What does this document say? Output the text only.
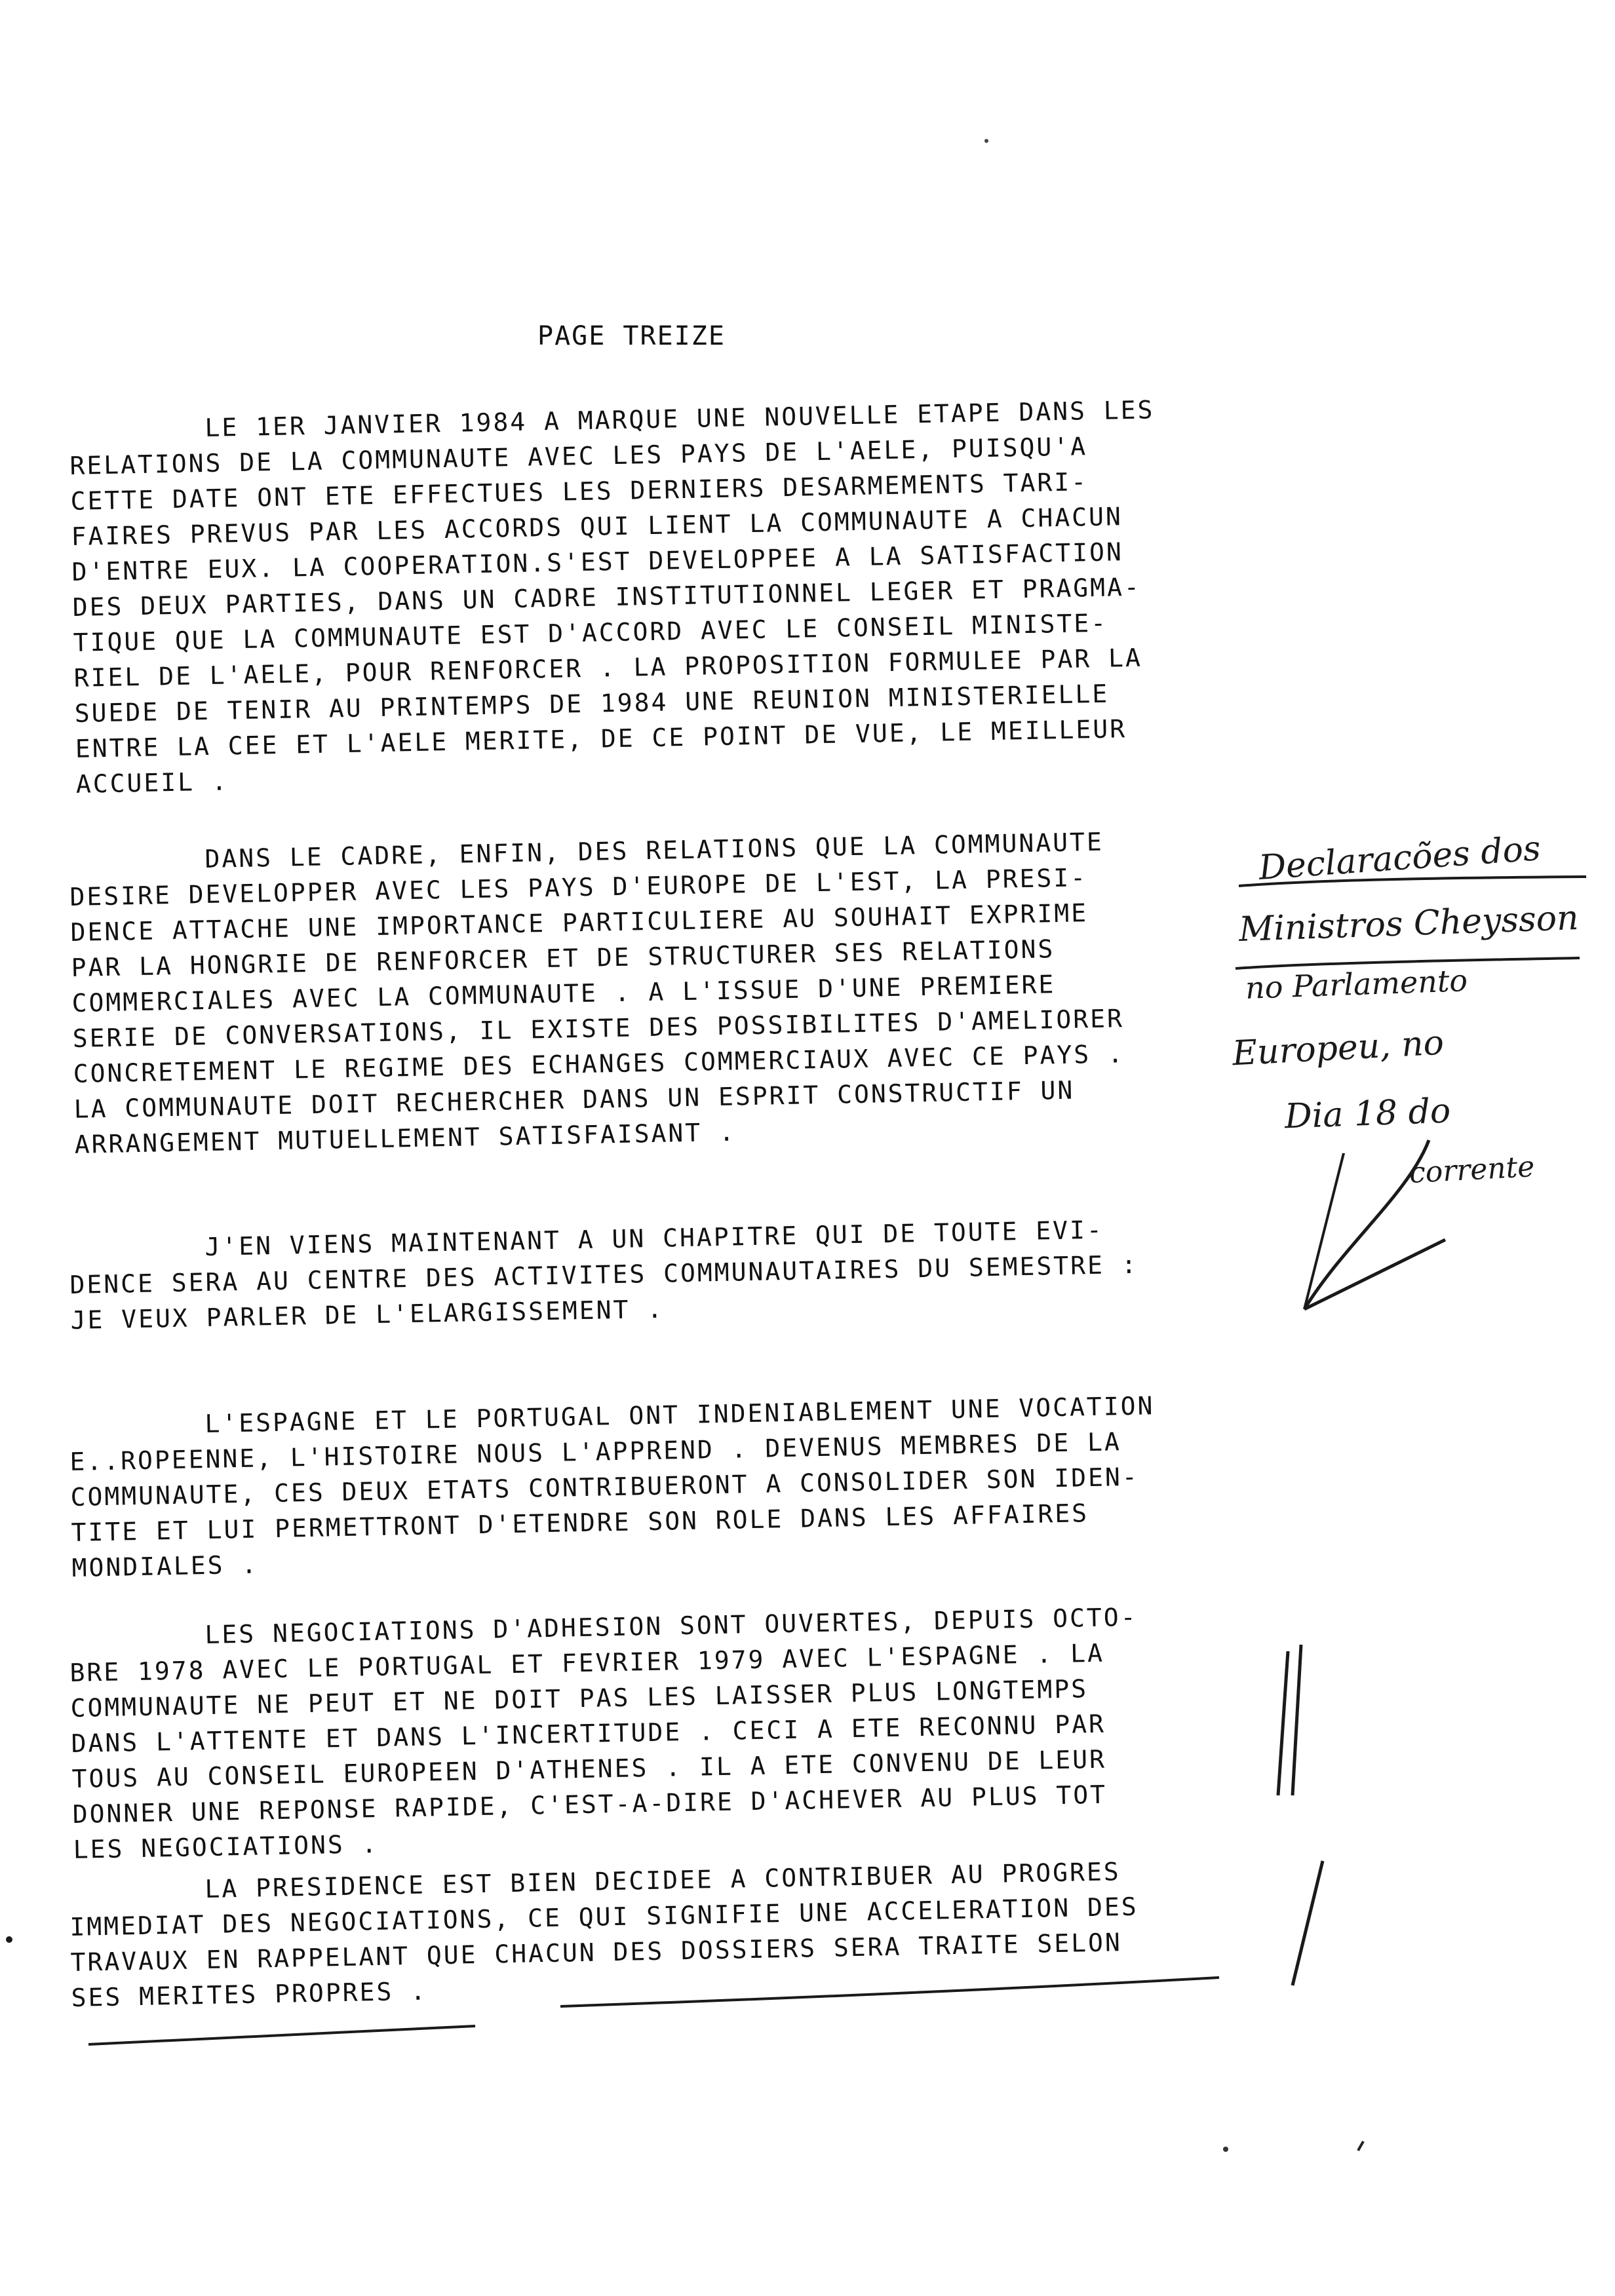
PAGE TREIZE
LE 1ER JANVIER 1984 A MARQUE UNE NOUVELLE ETAPE DANS LES
RELATIONS DE LA COMMUNAUTE AVEC LES PAYS DE L'AELE, PUISQU'A
CETTE DATE ONT ETE EFFECTUES LES DERNIERS DESARMEMENTS TARI-
FAIRES PREVUS PAR LES ACCORDS QUI LIENT LA COMMUNAUTE A CHACUN
D'ENTRE EUX. LA COOPERATION.S'EST DEVELOPPEE A LA SATISFACTION
DES DEUX PARTIES, DANS UN CADRE INSTITUTIONNEL LEGER ET PRAGMA-
TIQUE QUE LA COMMUNAUTE EST D'ACCORD AVEC LE CONSEIL MINISTE-
RIEL DE L'AELE, POUR RENFORCER . LA PROPOSITION FORMULEE PAR LA
SUEDE DE TENIR AU PRINTEMPS DE 1984 UNE REUNION MINISTERIELLE
ENTRE LA CEE ET L'AELE MERITE, DE CE POINT DE VUE, LE MEILLEUR
ACCUEIL .
DANS LE CADRE, ENFIN, DES RELATIONS QUE LA COMMUNAUTE
DESIRE DEVELOPPER AVEC LES PAYS D'EUROPE DE L'EST, LA PRESI-
DENCE ATTACHE UNE IMPORTANCE PARTICULIERE AU SOUHAIT EXPRIME
PAR LA HONGRIE DE RENFORCER ET DE STRUCTURER SES RELATIONS
COMMERCIALES AVEC LA COMMUNAUTE . A L'ISSUE D'UNE PREMIERE
SERIE DE CONVERSATIONS, IL EXISTE DES POSSIBILITES D'AMELIORER
CONCRETEMENT LE REGIME DES ECHANGES COMMERCIAUX AVEC CE PAYS .
LA COMMUNAUTE DOIT RECHERCHER DANS UN ESPRIT CONSTRUCTIF UN
ARRANGEMENT MUTUELLEMENT SATISFAISANT .
J'EN VIENS MAINTENANT A UN CHAPITRE QUI DE TOUTE EVI-
DENCE SERA AU CENTRE DES ACTIVITES COMMUNAUTAIRES DU SEMESTRE :
JE VEUX PARLER DE L'ELARGISSEMENT .
L'ESPAGNE ET LE PORTUGAL ONT INDENIABLEMENT UNE VOCATION
E..ROPEENNE, L'HISTOIRE NOUS L'APPREND . DEVENUS MEMBRES DE LA
COMMUNAUTE, CES DEUX ETATS CONTRIBUERONT A CONSOLIDER SON IDEN-
TITE ET LUI PERMETTRONT D'ETENDRE SON ROLE DANS LES AFFAIRES
MONDIALES .
LES NEGOCIATIONS D'ADHESION SONT OUVERTES, DEPUIS OCTO-
BRE 1978 AVEC LE PORTUGAL ET FEVRIER 1979 AVEC L'ESPAGNE . LA
COMMUNAUTE NE PEUT ET NE DOIT PAS LES LAISSER PLUS LONGTEMPS
DANS L'ATTENTE ET DANS L'INCERTITUDE . CECI A ETE RECONNU PAR
TOUS AU CONSEIL EUROPEEN D'ATHENES . IL A ETE CONVENU DE LEUR
DONNER UNE REPONSE RAPIDE, C'EST-A-DIRE D'ACHEVER AU PLUS TOT
LES NEGOCIATIONS .
LA PRESIDENCE EST BIEN DECIDEE A CONTRIBUER AU PROGRES
IMMEDIAT DES NEGOCIATIONS, CE QUI SIGNIFIE UNE ACCELERATION DES
TRAVAUX EN RAPPELANT QUE CHACUN DES DOSSIERS SERA TRAITE SELON
SES MERITES PROPRES .
Declaracões dos
Ministros Cheysson
no Parlamento
Europeu, no
Dia 18 do
corrente
